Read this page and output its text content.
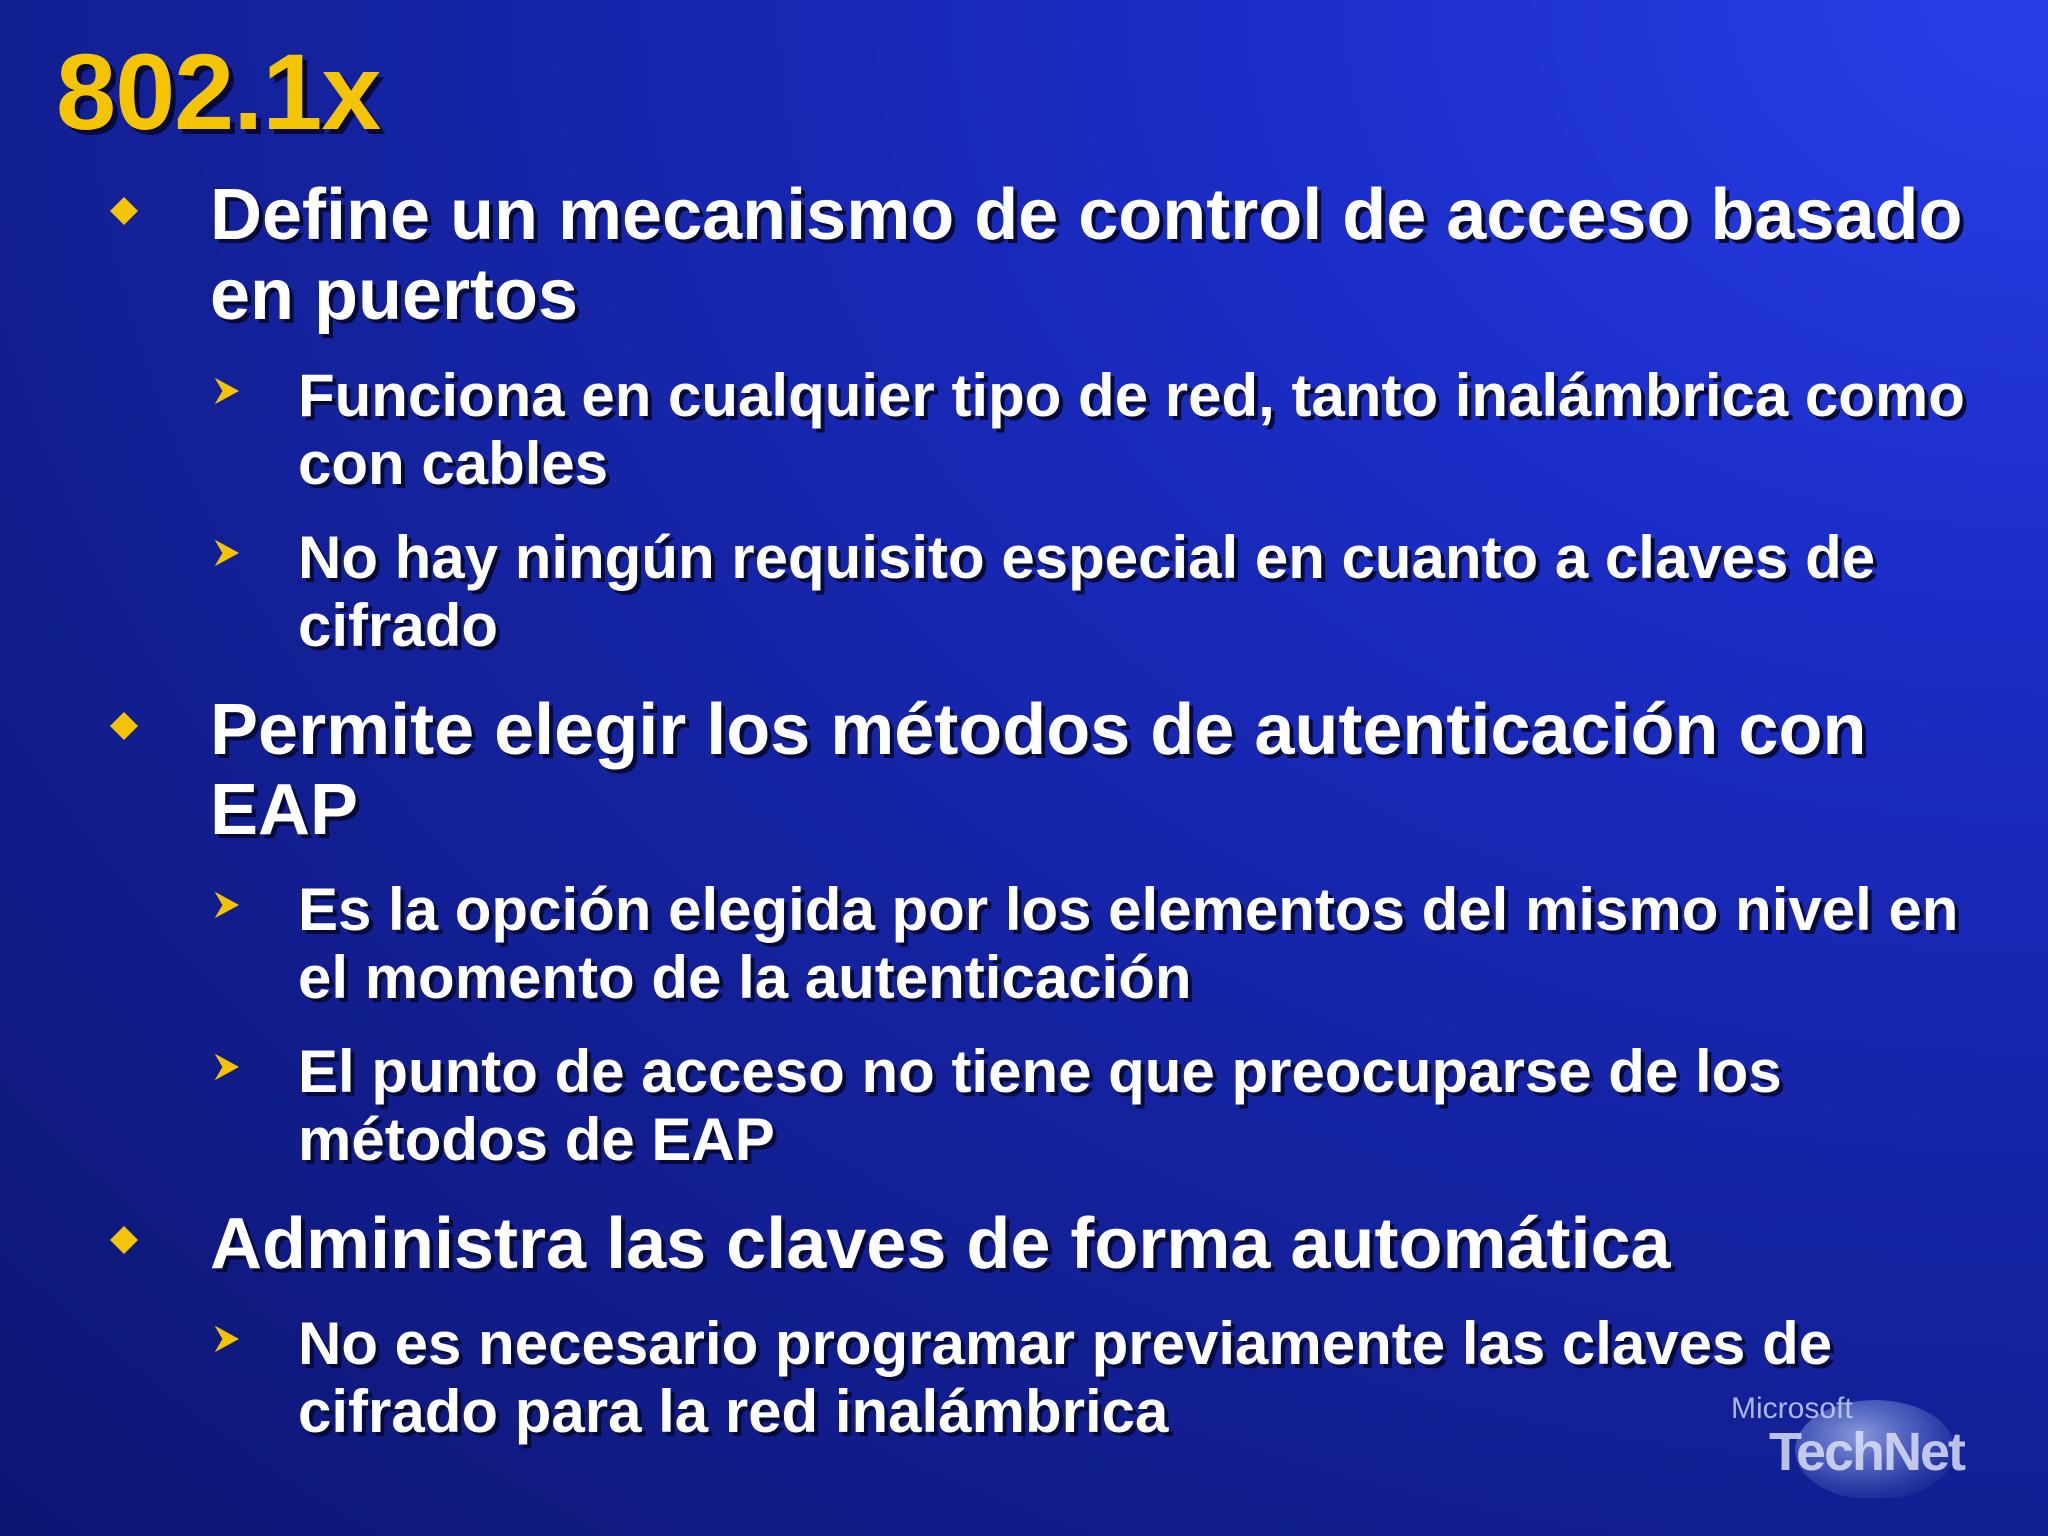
802.1x
Define un mecanismo de control de acceso basado en puertos
Funciona en cualquier tipo de red, tanto inalámbrica como con cables
No hay ningún requisito especial en cuanto a claves de cifrado
Permite elegir los métodos de autenticación con EAP
Es la opción elegida por los elementos del mismo nivel en el momento de la autenticación
El punto de acceso no tiene que preocuparse de los métodos de EAP
Administra las claves de forma automática
No es necesario programar previamente las claves de cifrado para la red inalámbrica	Microsoft
TechNet
